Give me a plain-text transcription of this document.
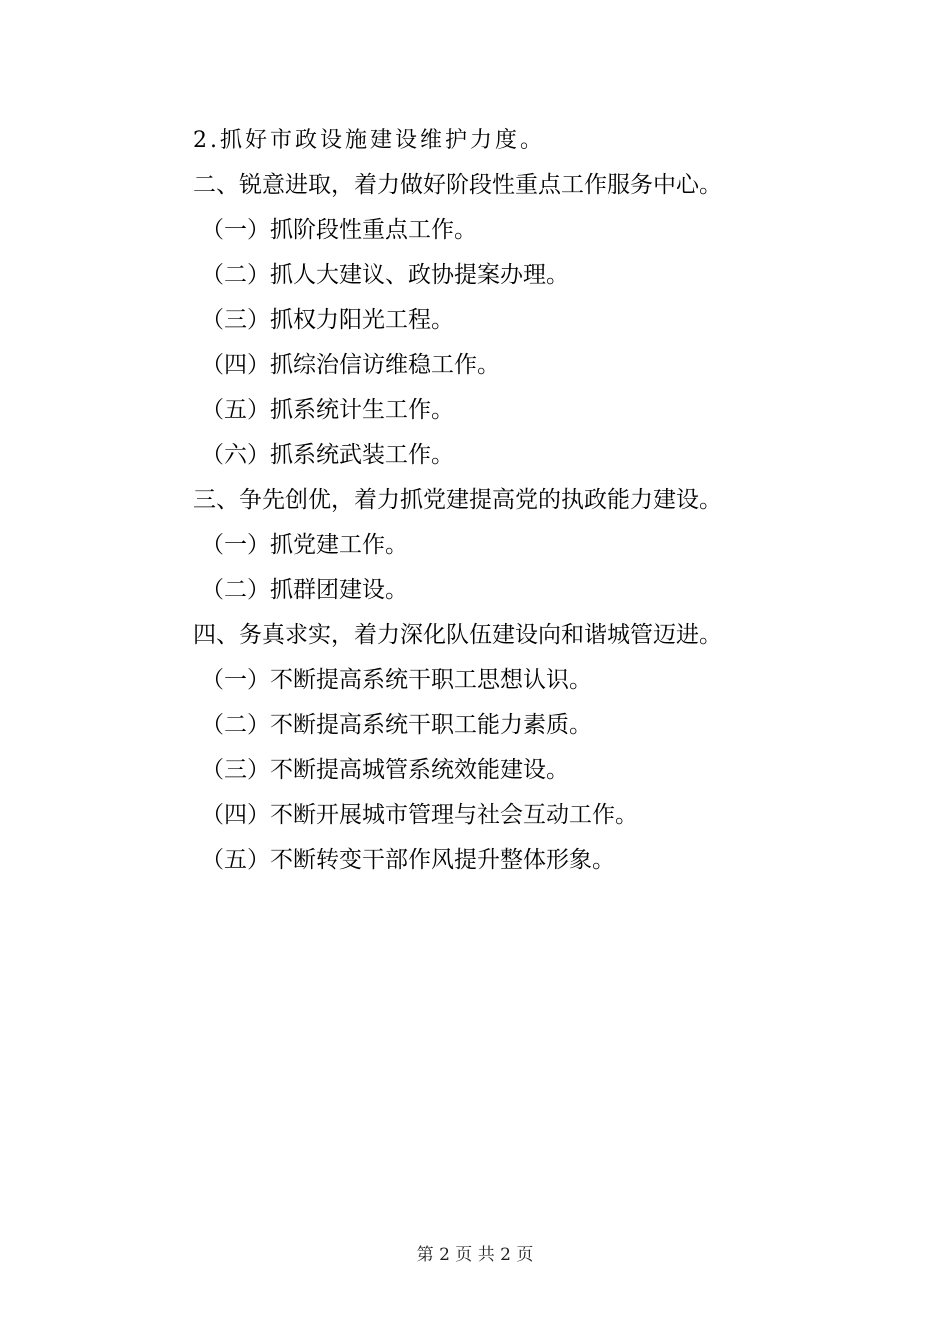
2.抓好市政设施建设维护力度。
二、锐意进取，着力做好阶段性重点工作服务中心。
（一）抓阶段性重点工作。
（二）抓人大建议、政协提案办理。
（三）抓权力阳光工程。
（四）抓综治信访维稳工作。
（五）抓系统计生工作。
（六）抓系统武装工作。
三、争先创优，着力抓党建提高党的执政能力建设。
（一）抓党建工作。
（二）抓群团建设。
四、务真求实，着力深化队伍建设向和谐城管迈进。
（一）不断提高系统干职工思想认识。
（二）不断提高系统干职工能力素质。
（三）不断提高城管系统效能建设。
（四）不断开展城市管理与社会互动工作。
（五）不断转变干部作风提升整体形象。
第 2 页 共 2 页
